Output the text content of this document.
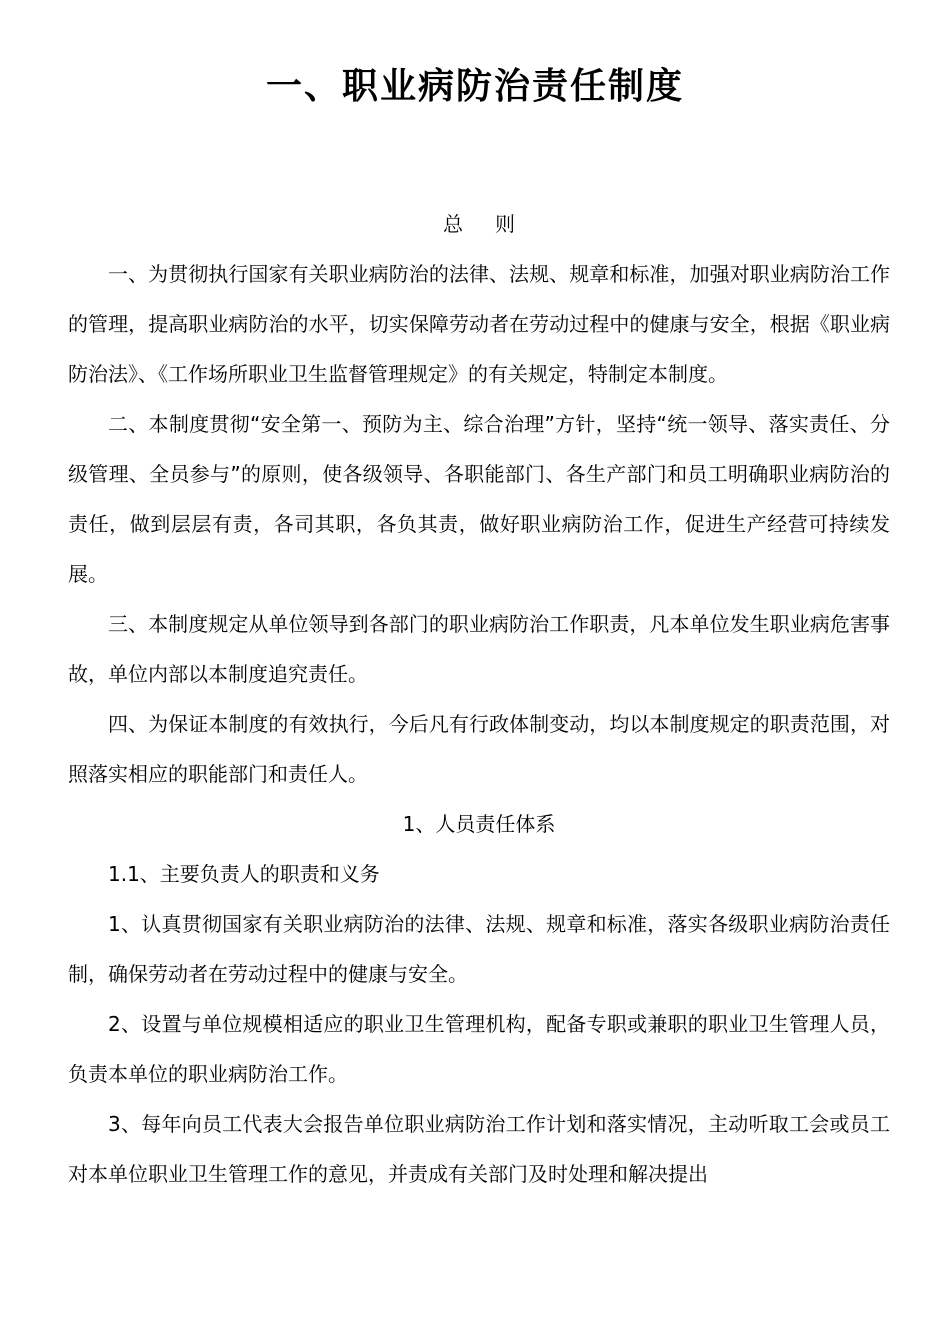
一、职业病防治责任制度

总则

一、为贯彻执行国家有关职业病防治的法律、法规、规章和标准，加强对职业病防治工作的管理，提高职业病防治的水平，切实保障劳动者在劳动过程中的健康与安全，根据《职业病防治法》、《工作场所职业卫生监督管理规定》的有关规定，特制定本制度。

二、本制度贯彻“安全第一、预防为主、综合治理”方针，坚持“统一领导、落实责任、分级管理、全员参与”的原则，使各级领导、各职能部门、各生产部门和员工明确职业病防治的责任，做到层层有责，各司其职，各负其责，做好职业病防治工作，促进生产经营可持续发展。

三、本制度规定从单位领导到各部门的职业病防治工作职责，凡本单位发生职业病危害事故，单位内部以本制度追究责任。

四、为保证本制度的有效执行，今后凡有行政体制变动，均以本制度规定的职责范围，对照落实相应的职能部门和责任人。

1、人员责任体系

1.1、主要负责人的职责和义务

1、认真贯彻国家有关职业病防治的法律、法规、规章和标准，落实各级职业病防治责任制，确保劳动者在劳动过程中的健康与安全。

2、设置与单位规模相适应的职业卫生管理机构，配备专职或兼职的职业卫生管理人员，负责本单位的职业病防治工作。

3、每年向员工代表大会报告单位职业病防治工作计划和落实情况，主动听取工会或员工对本单位职业卫生管理工作的意见，并责成有关部门及时处理和解决提出
